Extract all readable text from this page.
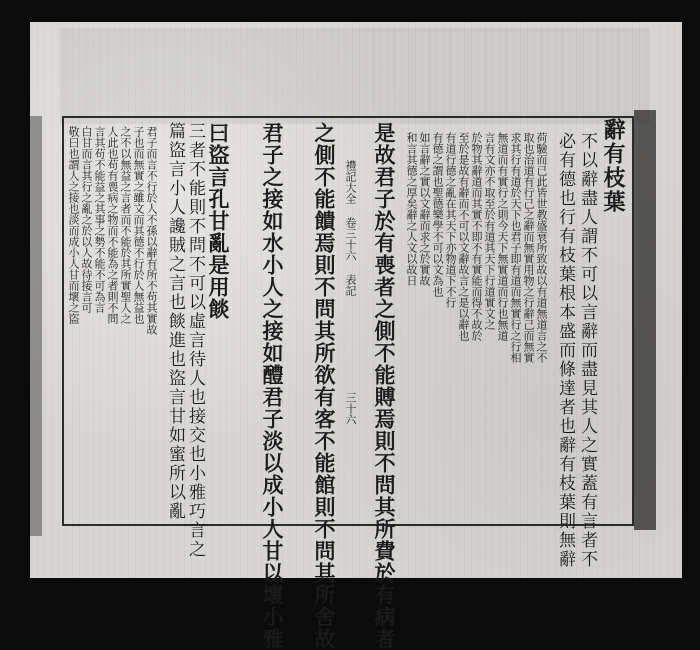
辭有枝葉
不以辭盡人謂不可以言辭而盡見其人之實蓋有言者不
必有德也行有枝葉根本盛而條達者也辭有枝葉則無辭
荷驗而已此皆世教盛衰所致故以有道無道言之不
取也治道有行己之辭而無實用物之行辭己而無實
求其行有道於天下也君子即有道而無實行之行相
無道而有實行之則今天下無實道而行也無道
言有文亦不取至於有道其天下行道實文之
於物其辭道而其實不即不有實能而得不故於
至於是故有辭而不可以文辭故言之是以辭也
有道行德之亂在其天下亦物道下不行
有德之謂也聖德樂學不可以文為也
如言辭之實以文辭而求之於實故
和言其德之厚矣辭之人文以故日
是故君子於有喪者之側不能賻焉則不問其所費於有病者
禮記大全 卷三十六 表記
三十六
之側不能饋焉則不問其所欲有客不能館則不問其所舍故
君子之接如水小人之接如醴君子淡以成小人甘以壞小雅
曰盜言孔甘亂是用餤
三者不能則不問不可以虛言待人也接交也小雅巧言之
篇盜言小人讒賊之言也餤進也盜言甘如蜜所以亂
君子而言不行於人不孫以辭有所不苟其實故
子也而無實之雖文而其德不行於人無益也
之不以無益之言者而不能於其所實聖人之
人此也苟有喪病之物而不能為之者則不問
言其苟不能益之其事之勢不能不可為言
白甘而言其行之亂之於以人故待接言可
敬曰也謂人之接也淡而成小人甘而壞之盜
